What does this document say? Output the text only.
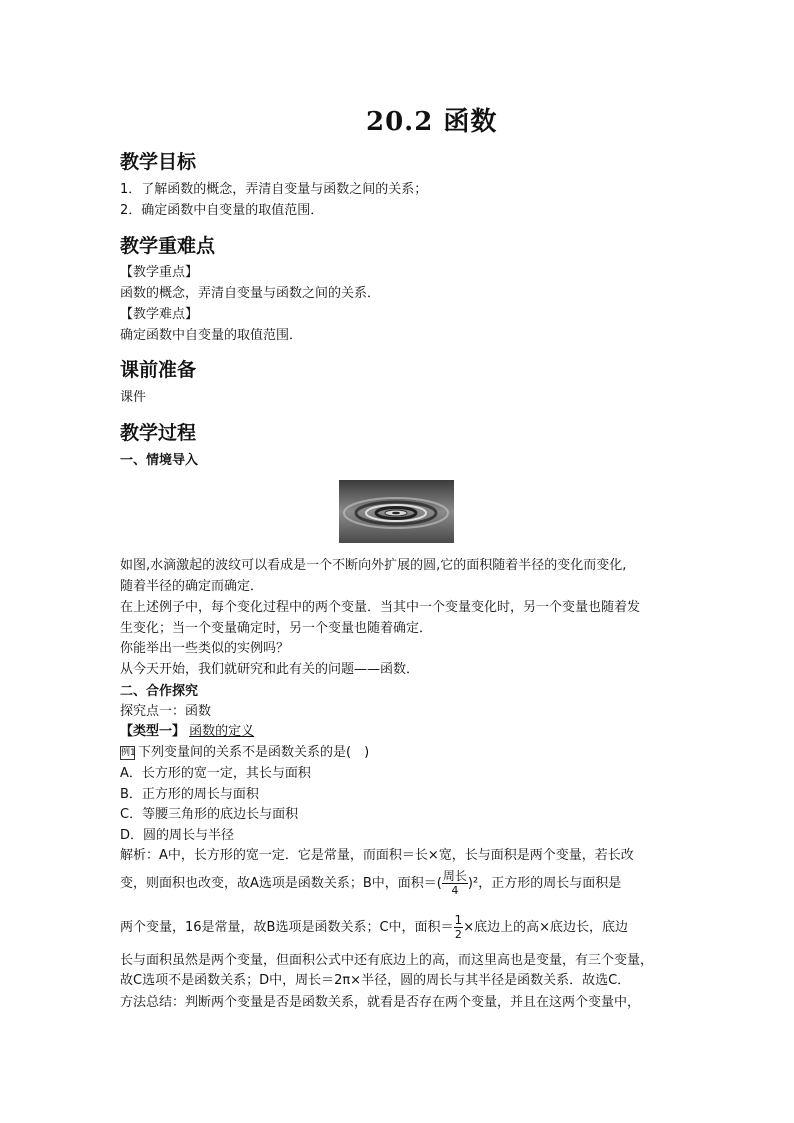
20.2 函数
教学目标
1．了解函数的概念，弄清自变量与函数之间的关系；
2．确定函数中自变量的取值范围．
教学重难点
【教学重点】
函数的概念，弄清自变量与函数之间的关系．
【教学难点】
确定函数中自变量的取值范围．
课前准备
课件
教学过程
一、情境导入
如图,水滴激起的波纹可以看成是一个不断向外扩展的圆,它的面积随着半径的变化而变化,
随着半径的确定而确定．
在上述例子中，每个变化过程中的两个变量．当其中一个变量变化时，另一个变量也随着发
生变化；当一个变量确定时，另一个变量也随着确定．
你能举出一些类似的实例吗？
从今天开始，我们就研究和此有关的问题——函数．
二、合作探究
探究点一：函数
【类型一】 函数的定义
例1 下列变量间的关系不是函数关系的是(　)
A．长方形的宽一定，其长与面积
B．正方形的周长与面积
C．等腰三角形的底边长与面积
D．圆的周长与半径
解析：A中，长方形的宽一定．它是常量，而面积＝长×宽，长与面积是两个变量，若长改
变，则面积也改变，故A选项是函数关系；B中，面积＝( $\frac{\text{周长}}{4} )^2$，正方形的周长与面积是
两个变量，16是常量，故B选项是函数关系；C中，面积＝ $\frac{1}{2}$ ×底边上的高×底边长，底边
长与面积虽然是两个变量，但面积公式中还有底边上的高，而这里高也是变量，有三个变量，
故C选项不是函数关系；D中，周长＝2π×半径，圆的周长与其半径是函数关系．故选C．
方法总结：判断两个变量是否是函数关系，就看是否存在两个变量，并且在这两个变量中，
